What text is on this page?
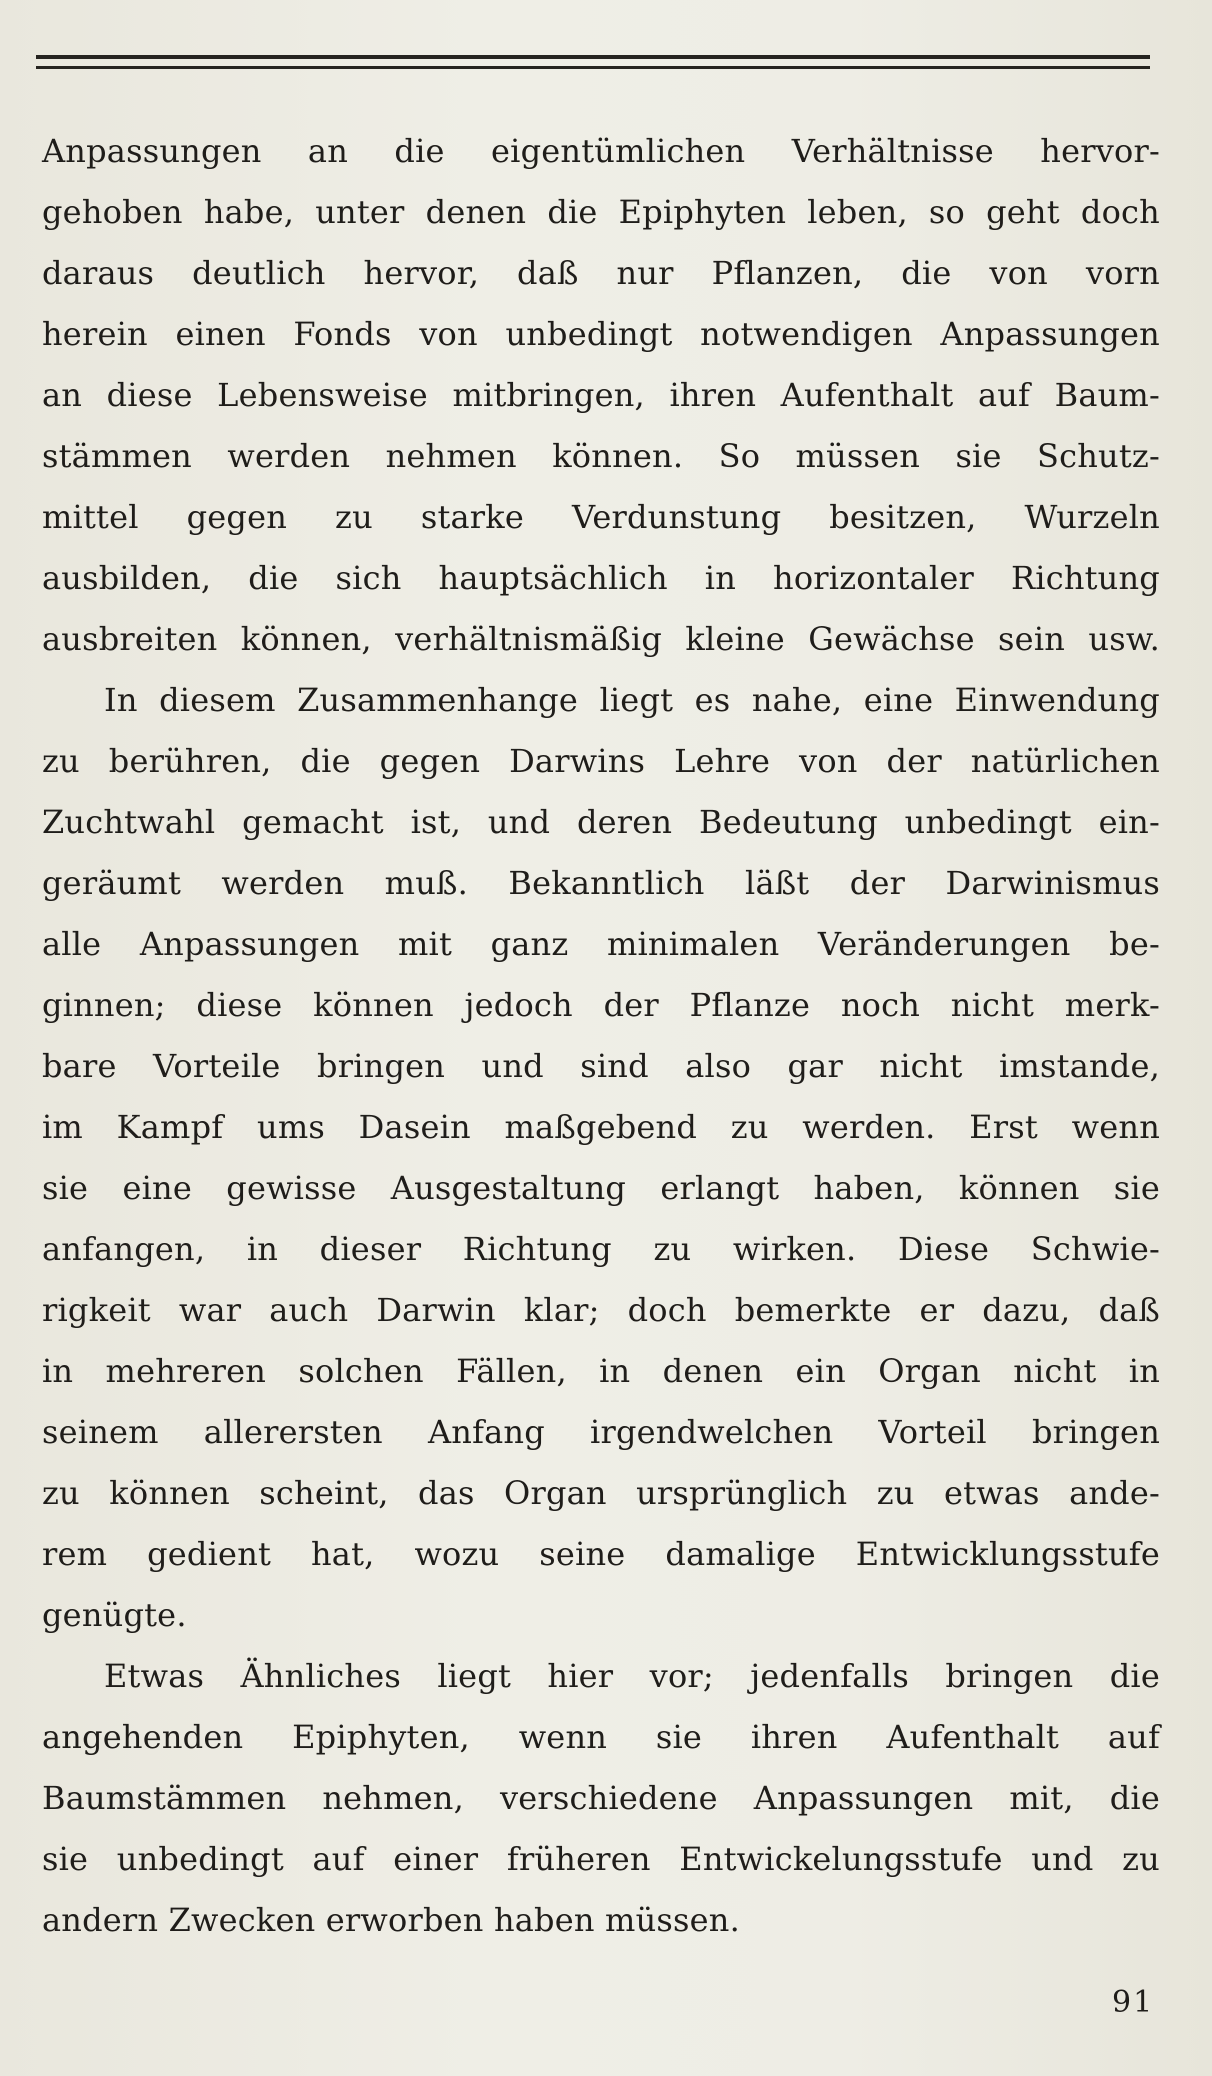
Anpassungen an die eigentümlichen Verhältnisse hervor-
gehoben habe, unter denen die Epiphyten leben, so geht doch
daraus deutlich hervor, daß nur Pflanzen, die von vorn
herein einen Fonds von unbedingt notwendigen Anpassungen
an diese Lebensweise mitbringen, ihren Aufenthalt auf Baum-
stämmen werden nehmen können. So müssen sie Schutz-
mittel gegen zu starke Verdunstung besitzen, Wurzeln
ausbilden, die sich hauptsächlich in horizontaler Richtung
ausbreiten können, verhältnismäßig kleine Gewächse sein usw.
In diesem Zusammenhange liegt es nahe, eine Einwendung
zu berühren, die gegen Darwins Lehre von der natürlichen
Zuchtwahl gemacht ist, und deren Bedeutung unbedingt ein-
geräumt werden muß. Bekanntlich läßt der Darwinismus
alle Anpassungen mit ganz minimalen Veränderungen be-
ginnen; diese können jedoch der Pflanze noch nicht merk-
bare Vorteile bringen und sind also gar nicht imstande,
im Kampf ums Dasein maßgebend zu werden. Erst wenn
sie eine gewisse Ausgestaltung erlangt haben, können sie
anfangen, in dieser Richtung zu wirken. Diese Schwie-
rigkeit war auch Darwin klar; doch bemerkte er dazu, daß
in mehreren solchen Fällen, in denen ein Organ nicht in
seinem allerersten Anfang irgendwelchen Vorteil bringen
zu können scheint, das Organ ursprünglich zu etwas ande-
rem gedient hat, wozu seine damalige Entwicklungsstufe
genügte.
Etwas Ähnliches liegt hier vor; jedenfalls bringen die
angehenden Epiphyten, wenn sie ihren Aufenthalt auf
Baumstämmen nehmen, verschiedene Anpassungen mit, die
sie unbedingt auf einer früheren Entwickelungsstufe und zu
andern Zwecken erworben haben müssen.
91
